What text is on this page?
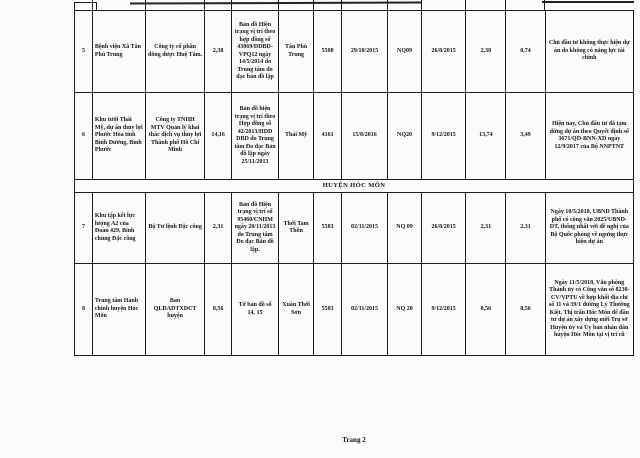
5	Bệnh viện Xã Tân Phú Trung	Công ty cổ phần đông dược Huệ Tâm.	2,38	Bản đồ Hiện trạng vị trí theo hợp đồng số 43069/DDBD-VPQ12 ngày 14/5/2014 do Trung tâm đo đạc bản đồ lập	Tân Phú Trung	5508	29/10/2015	NQ09	26/8/2015	2,38	0,74	Chủ đầu tư không thực hiện dự án do không có năng lực tài chính
6	Khu tưới Thái Mỹ, dự án thủy lợi Phước Hòa tỉnh Bình Dương, Bình Phước	Công ty TNHH MTV Quản lý khai thác dịch vụ thủy lợi Thành phố Hồ Chí Minh	14,16	Bản đồ hiện trạng vị trí theo Hợp đồng số 42/2013/HDD DBD do Trung tâm Đo đạc Bản đồ lập ngày 25/11/2013	Thái Mỹ	4161	15/8/2016	NQ20	9/12/2015	13,74	3,49	Hiện nay, Chủ đầu tư đã tạm dừng dự án theo Quyết định số 3671/QD-BNN-XD ngày 12/9/2017 của Bộ NNPTNT
HUYỆN HÓC MÔN												
7	Khu tập kết lực lượng A2 của Đoàn 429, Binh chủng Đặc công	Bộ Tư lệnh Đặc công	2,31	Bản đồ Hiện trạng vị trí số 95460/CNHM ngày 20/11/2013 do Trung tâm Đo đạc Bản đồ lập.	Thới Tam Thôn	5583	02/11/2015	NQ 09	26/8/2015	2,31	2,31	Ngày 10/5/2018, UBND Thành phố có công văn 2025/UBND-DT, thống nhất với đề nghị của Bộ Quốc phòng về ngưng thực hiện dự án
8	Trung tâm Hành chính huyện Hóc Môn	Ban QLDADTXDCT huyện	8,56	Tờ bản đồ số 14, 15	Xuân Thới Sơn	5583	02/11/2015	NQ 20	9/12/2015	8,56	8,56	Ngày 11/5/2018, Văn phòng Thành ủy có Công văn số 8230-CV/VPTU về hợp khối địa chỉ số 11 và 39/1 đường Lý Thường Kiệt, Thị trấn Hóc Môn để đầu tư dự án xây dựng mới Trụ sở Huyện ủy và Ủy ban nhân dân huyện Hóc Môn tại vị trí cũ
Trang 2
